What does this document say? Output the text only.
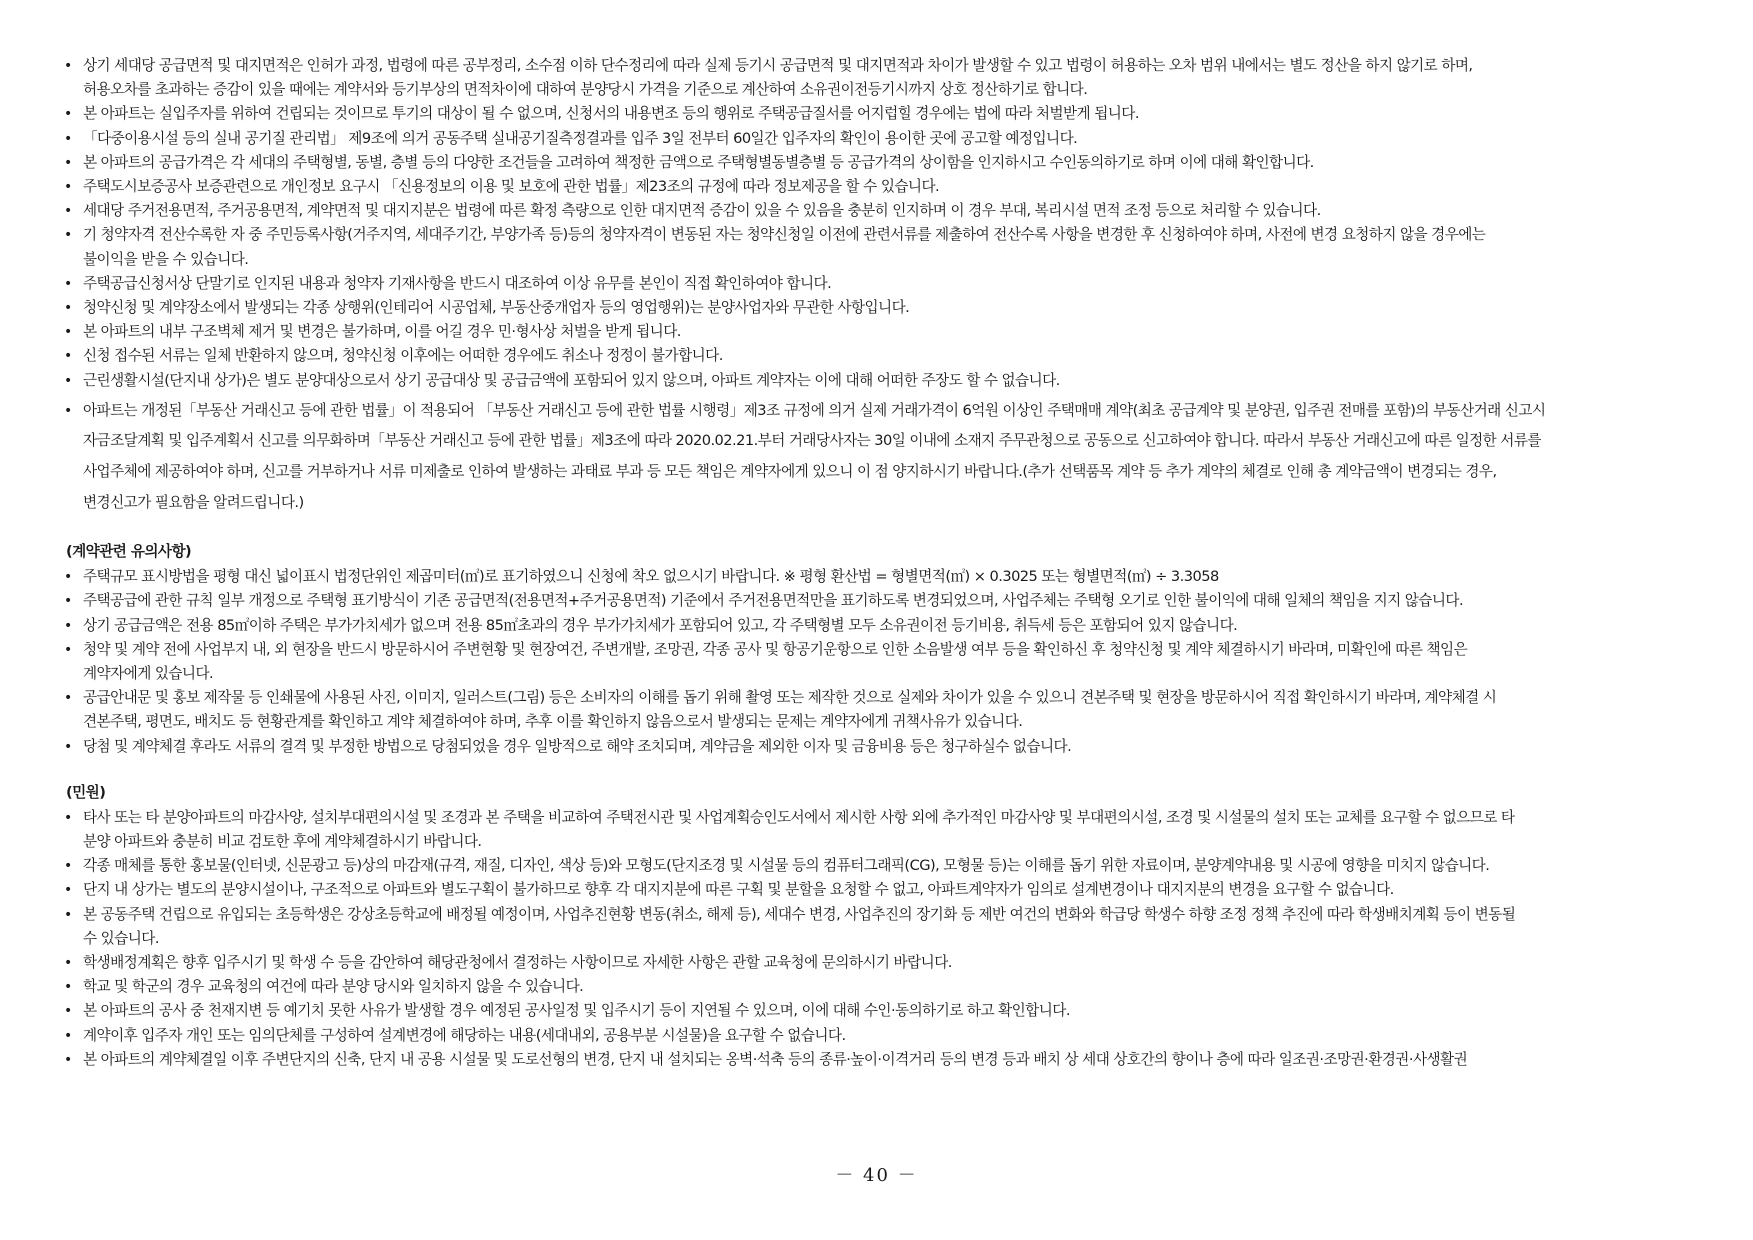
• 상기 세대당 공급면적 및 대지면적은 인허가 과정, 법령에 따른 공부정리, 소수점 이하 단수정리에 따라 실제 등기시 공급면적 및 대지면적과 차이가 발생할 수 있고 법령이 허용하는 오차 범위 내에서는 별도 정산을 하지 않기로 하며,
허용오차를 초과하는 증감이 있을 때에는 계약서와 등기부상의 면적차이에 대하여 분양당시 가격을 기준으로 계산하여 소유권이전등기시까지 상호 정산하기로 합니다.
• 본 아파트는 실입주자를 위하여 건립되는 것이므로 투기의 대상이 될 수 없으며, 신청서의 내용변조 등의 행위로 주택공급질서를 어지럽힐 경우에는 법에 따라 처벌받게 됩니다.
• 「다중이용시설 등의 실내 공기질 관리법」 제9조에 의거 공동주택 실내공기질측정결과를 입주 3일 전부터 60일간 입주자의 확인이 용이한 곳에 공고할 예정입니다.
• 본 아파트의 공급가격은 각 세대의 주택형별, 동별, 층별 등의 다양한 조건들을 고려하여 책정한 금액으로 주택형별동별층별 등 공급가격의 상이함을 인지하시고 수인동의하기로 하며 이에 대해 확인합니다.
• 주택도시보증공사 보증관련으로 개인정보 요구시 「신용정보의 이용 및 보호에 관한 법률」제23조의 규정에 따라 정보제공을 할 수 있습니다.
• 세대당 주거전용면적, 주거공용면적, 계약면적 및 대지지분은 법령에 따른 확정 측량으로 인한 대지면적 증감이 있을 수 있음을 충분히 인지하며 이 경우 부대, 복리시설 면적 조정 등으로 처리할 수 있습니다.
• 기 청약자격 전산수록한 자 중 주민등록사항(거주지역, 세대주기간, 부양가족 등)등의 청약자격이 변동된 자는 청약신청일 이전에 관련서류를 제출하여 전산수록 사항을 변경한 후 신청하여야 하며, 사전에 변경 요청하지 않을 경우에는
불이익을 받을 수 있습니다.
• 주택공급신청서상 단말기로 인지된 내용과 청약자 기재사항을 반드시 대조하여 이상 유무를 본인이 직접 확인하여야 합니다.
• 청약신청 및 계약장소에서 발생되는 각종 상행위(인테리어 시공업체, 부동산중개업자 등의 영업행위)는 분양사업자와 무관한 사항입니다.
• 본 아파트의 내부 구조벽체 제거 및 변경은 불가하며, 이를 어길 경우 민·형사상 처벌을 받게 됩니다.
• 신청 접수된 서류는 일체 반환하지 않으며, 청약신청 이후에는 어떠한 경우에도 취소나 정정이 불가합니다.
• 근린생활시설(단지내 상가)은 별도 분양대상으로서 상기 공급대상 및 공급금액에 포함되어 있지 않으며, 아파트 계약자는 이에 대해 어떠한 주장도 할 수 없습니다.
• 아파트는 개정된「부동산 거래신고 등에 관한 법률」이 적용되어 「부동산 거래신고 등에 관한 법률 시행령」제3조 규정에 의거 실제 거래가격이 6억원 이상인 주택매매 계약(최초 공급계약 및 분양권, 입주권 전매를 포함)의 부동산거래 신고시
자금조달계획 및 입주계획서 신고를 의무화하며「부동산 거래신고 등에 관한 법률」제3조에 따라 2020.02.21.부터 거래당사자는 30일 이내에 소재지 주무관청으로 공동으로 신고하여야 합니다. 따라서 부동산 거래신고에 따른 일정한 서류를
사업주체에 제공하여야 하며, 신고를 거부하거나 서류 미제출로 인하여 발생하는 과태료 부과 등 모든 책임은 계약자에게 있으니 이 점 양지하시기 바랍니다.(추가 선택품목 계약 등 추가 계약의 체결로 인해 총 계약금액이 변경되는 경우,
변경신고가 필요함을 알려드립니다.)
(계약관련 유의사항)
• 주택규모 표시방법을 평형 대신 넓이표시 법정단위인 제곱미터(㎡)로 표기하였으니 신청에 착오 없으시기 바랍니다. ※ 평형 환산법 = 형별면적(㎡) × 0.3025 또는 형별면적(㎡) ÷ 3.3058
• 주택공급에 관한 규칙 일부 개정으로 주택형 표기방식이 기존 공급면적(전용면적+주거공용면적) 기준에서 주거전용면적만을 표기하도록 변경되었으며, 사업주체는 주택형 오기로 인한 불이익에 대해 일체의 책임을 지지 않습니다.
• 상기 공급금액은 전용 85㎡이하 주택은 부가가치세가 없으며 전용 85㎡초과의 경우 부가가치세가 포함되어 있고, 각 주택형별 모두 소유권이전 등기비용, 취득세 등은 포함되어 있지 않습니다.
• 청약 및 계약 전에 사업부지 내, 외 현장을 반드시 방문하시어 주변현황 및 현장여건, 주변개발, 조망권, 각종 공사 및 항공기운항으로 인한 소음발생 여부 등을 확인하신 후 청약신청 및 계약 체결하시기 바라며, 미확인에 따른 책임은
계약자에게 있습니다.
• 공급안내문 및 홍보 제작물 등 인쇄물에 사용된 사진, 이미지, 일러스트(그림) 등은 소비자의 이해를 돕기 위해 촬영 또는 제작한 것으로 실제와 차이가 있을 수 있으니 견본주택 및 현장을 방문하시어 직접 확인하시기 바라며, 계약체결 시
견본주택, 평면도, 배치도 등 현황관계를 확인하고 계약 체결하여야 하며, 추후 이를 확인하지 않음으로서 발생되는 문제는 계약자에게 귀책사유가 있습니다.
• 당첨 및 계약체결 후라도 서류의 결격 및 부정한 방법으로 당첨되었을 경우 일방적으로 해약 조치되며, 계약금을 제외한 이자 및 금융비용 등은 청구하실수 없습니다.
(민원)
• 타사 또는 타 분양아파트의 마감사양, 설치부대편의시설 및 조경과 본 주택을 비교하여 주택전시관 및 사업계획승인도서에서 제시한 사항 외에 추가적인 마감사양 및 부대편의시설, 조경 및 시설물의 설치 또는 교체를 요구할 수 없으므로 타
분양 아파트와 충분히 비교 검토한 후에 계약체결하시기 바랍니다.
• 각종 매체를 통한 홍보물(인터넷, 신문광고 등)상의 마감재(규격, 재질, 디자인, 색상 등)와 모형도(단지조경 및 시설물 등의 컴퓨터그래픽(CG), 모형물 등)는 이해를 돕기 위한 자료이며, 분양계약내용 및 시공에 영향을 미치지 않습니다.
• 단지 내 상가는 별도의 분양시설이나, 구조적으로 아파트와 별도구획이 불가하므로 향후 각 대지지분에 따른 구획 및 분할을 요청할 수 없고, 아파트계약자가 임의로 설계변경이나 대지지분의 변경을 요구할 수 없습니다.
• 본 공동주택 건립으로 유입되는 초등학생은 강상초등학교에 배정될 예정이며, 사업추진현황 변동(취소, 해제 등), 세대수 변경, 사업추진의 장기화 등 제반 여건의 변화와 학급당 학생수 하향 조정 정책 추진에 따라 학생배치계획 등이 변동될
수 있습니다.
• 학생배정계획은 향후 입주시기 및 학생 수 등을 감안하여 해당관청에서 결정하는 사항이므로 자세한 사항은 관할 교육청에 문의하시기 바랍니다.
• 학교 및 학군의 경우 교육청의 여건에 따라 분양 당시와 일치하지 않을 수 있습니다.
• 본 아파트의 공사 중 천재지변 등 예기치 못한 사유가 발생할 경우 예정된 공사일정 및 입주시기 등이 지연될 수 있으며, 이에 대해 수인·동의하기로 하고 확인합니다.
• 계약이후 입주자 개인 또는 임의단체를 구성하여 설계변경에 해당하는 내용(세대내외, 공용부분 시설물)을 요구할 수 없습니다.
• 본 아파트의 계약체결일 이후 주변단지의 신축, 단지 내 공용 시설물 및 도로선형의 변경, 단지 내 설치되는 옹벽·석축 등의 종류·높이·이격거리 등의 변경 등과 배치 상 세대 상호간의 향이나 층에 따라 일조권·조망권·환경권·사생활권
－ 40 －
